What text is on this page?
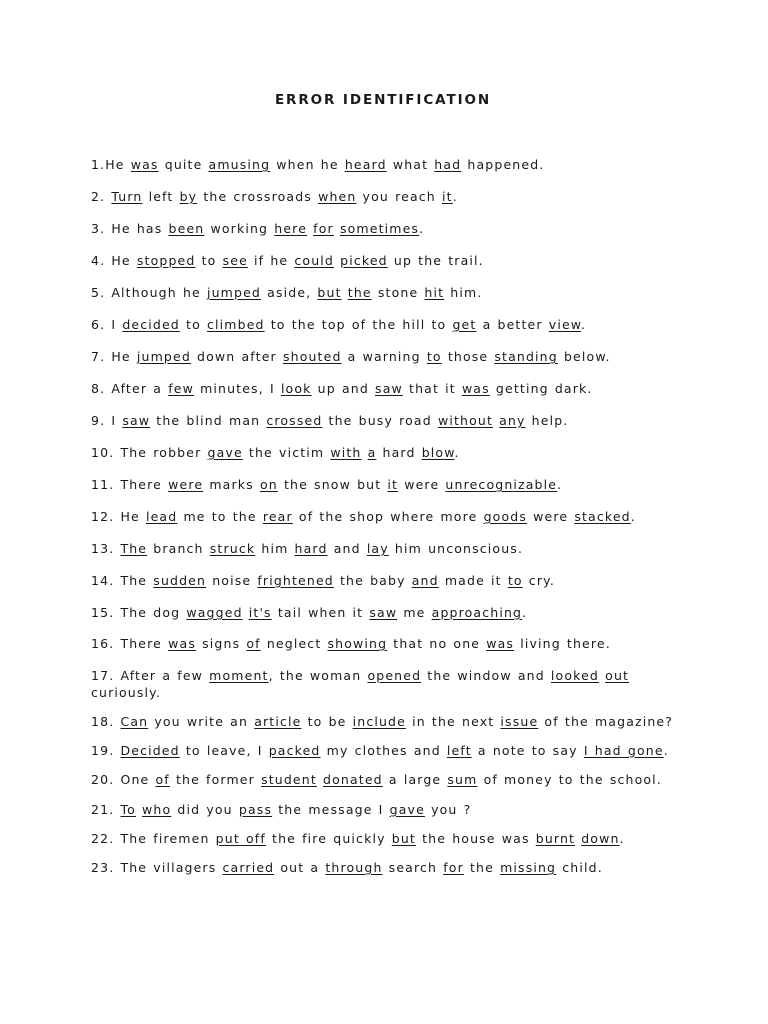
ERROR IDENTIFICATION
1.He was quite amusing when he heard what had happened.
2. Turn left by the crossroads when you reach it.
3. He has been working here for sometimes.
4. He stopped to see if he could picked up the trail.
5. Although he jumped aside, but the stone hit him.
6. I decided to climbed to the top of the hill to get a better view.
7. He jumped down after shouted a warning to those standing below.
8. After a few minutes, I look up and saw that it was getting dark.
9. I saw the blind man crossed the busy road without any help.
10. The robber gave the victim with a hard blow.
11. There were marks on the snow but it were unrecognizable.
12. He lead me to the rear of the shop where more goods were stacked.
13. The branch struck him hard and lay him unconscious.
14. The sudden noise frightened the baby and made it to cry.
15. The dog wagged it's tail when it saw me approaching.
16. There was signs of neglect showing that no one was living there.
17. After a few moment, the woman opened the window and looked out curiously.
18. Can you write an article to be include in the next issue of the magazine?
19. Decided to leave, I packed my clothes and left a note to say I had gone.
20. One of the former student donated a large sum of money to the school.
21. To who did you pass the message I gave you ?
22. The firemen put off the fire quickly but the house was burnt down.
23. The villagers carried out a through search for the missing child.
